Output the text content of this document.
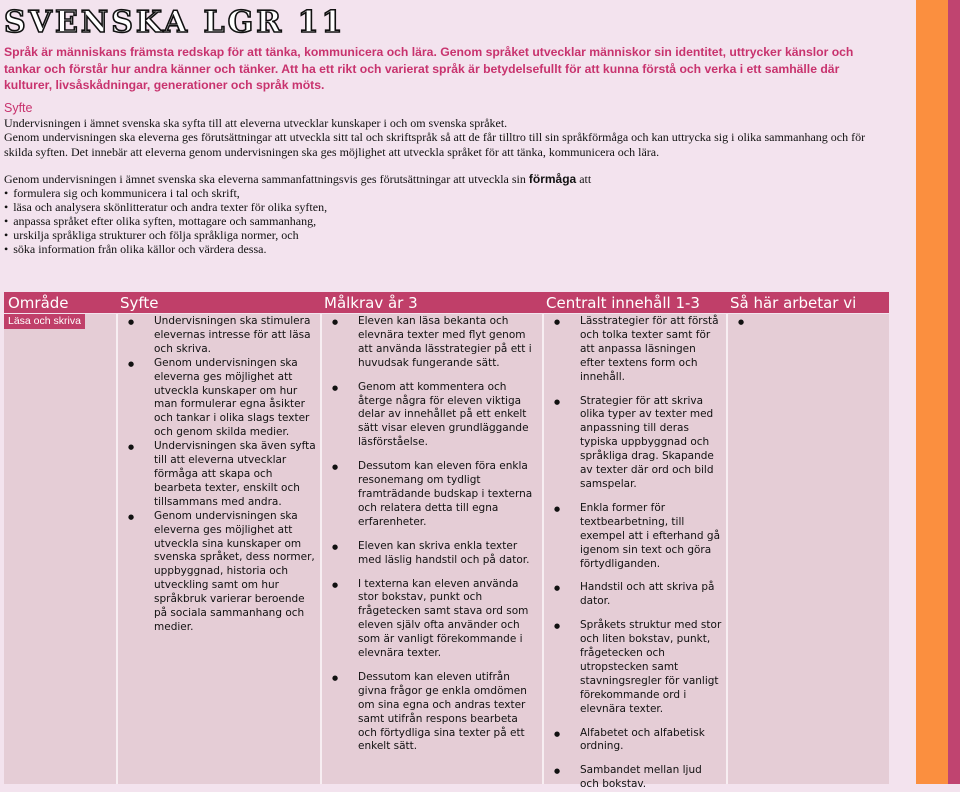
SVENSKA LGR 11

Språk är människans främsta redskap för att tänka, kommunicera och lära. Genom språket utvecklar människor sin identitet, uttrycker känslor och tankar och förstår hur andra känner och tänker. Att ha ett rikt och varierat språk är betydelsefullt för att kunna förstå och verka i ett samhälle där kulturer, livsåskådningar, generationer och språk möts.

Syfte

Undervisningen i ämnet svenska ska syfta till att eleverna utvecklar kunskaper i och om svenska språket.

Genom undervisningen ska eleverna ges förutsättningar att utveckla sitt tal och skriftspråk så att de får tilltro till sin språkförmåga och kan uttrycka sig i olika sammanhang och för skilda syften. Det innebär att eleverna genom undervisningen ska ges möjlighet att utveckla språket för att tänka, kommunicera och lära.

Genom undervisningen i ämnet svenska ska eleverna sammanfattningsvis ges förutsättningar att utveckla sin förmåga att

• formulera sig och kommunicera i tal och skrift,
• läsa och analysera skönlitteratur och andra texter för olika syften,
• anpassa språket efter olika syften, mottagare och sammanhang,
• urskilja språkliga strukturer och följa språkliga normer, och
• söka information från olika källor och värdera dessa.
Område	Syfte	Målkrav år 3	Centralt innehåll 1-3	Så här arbetar vi
Läsa och skriva
●	Undervisningen ska stimulera elevernas intresse för att läsa och skriva.
● Genom undervisningen ska eleverna ges möjlighet att utveckla kunskaper om hur man formulerar egna åsikter och tankar i olika slags texter och genom skilda medier.
● Undervisningen ska även syfta till att eleverna utvecklar förmåga att skapa och bearbeta texter, enskilt och tillsammans med andra.
● Genom undervisningen ska eleverna ges möjlighet att utveckla sina kunskaper om svenska språket, dess normer, uppbyggnad, historia och utveckling samt om hur språkbruk varierar beroende på sociala sammanhang och medier.
● Eleven kan läsa bekanta och elevnära texter med flyt genom att använda lässtrategier på ett i huvudsak fungerande sätt.
● Genom att kommentera och återge några för eleven viktiga delar av innehållet på ett enkelt sätt visar eleven grundläggande läsförståelse.
● Dessutom kan eleven föra enkla resonemang om tydligt framträdande budskap i texterna och relatera detta till egna erfarenheter.
● Eleven kan skriva enkla texter med läslig handstil och på dator.
● I texterna kan eleven använda stor bokstav, punkt och frågetecken samt stava ord som eleven själv ofta använder och som är vanligt förekommande i elevnära texter.
● Dessutom kan eleven utifrån givna frågor ge enkla omdömen om sina egna och andras texter samt utifrån respons bearbeta och förtydliga sina texter på ett enkelt sätt.
● Lässtrategier för att förstå och tolka texter samt för att anpassa läsningen efter textens form och innehåll.
● Strategier för att skriva olika typer av texter med anpassning till deras typiska uppbyggnad och språkliga drag. Skapande av texter där ord och bild samspelar.
● Enkla former för textbearbetning, till exempel att i efterhand gå igenom sin text och göra förtydliganden.
● Handstil och att skriva på dator.
● Språkets struktur med stor och liten bokstav, punkt, frågetecken och utropstecken samt stavningsregler för vanligt förekommande ord i elevnära texter.
● Alfabetet och alfabetisk ordning.
● Sambandet mellan ljud och bokstav.
